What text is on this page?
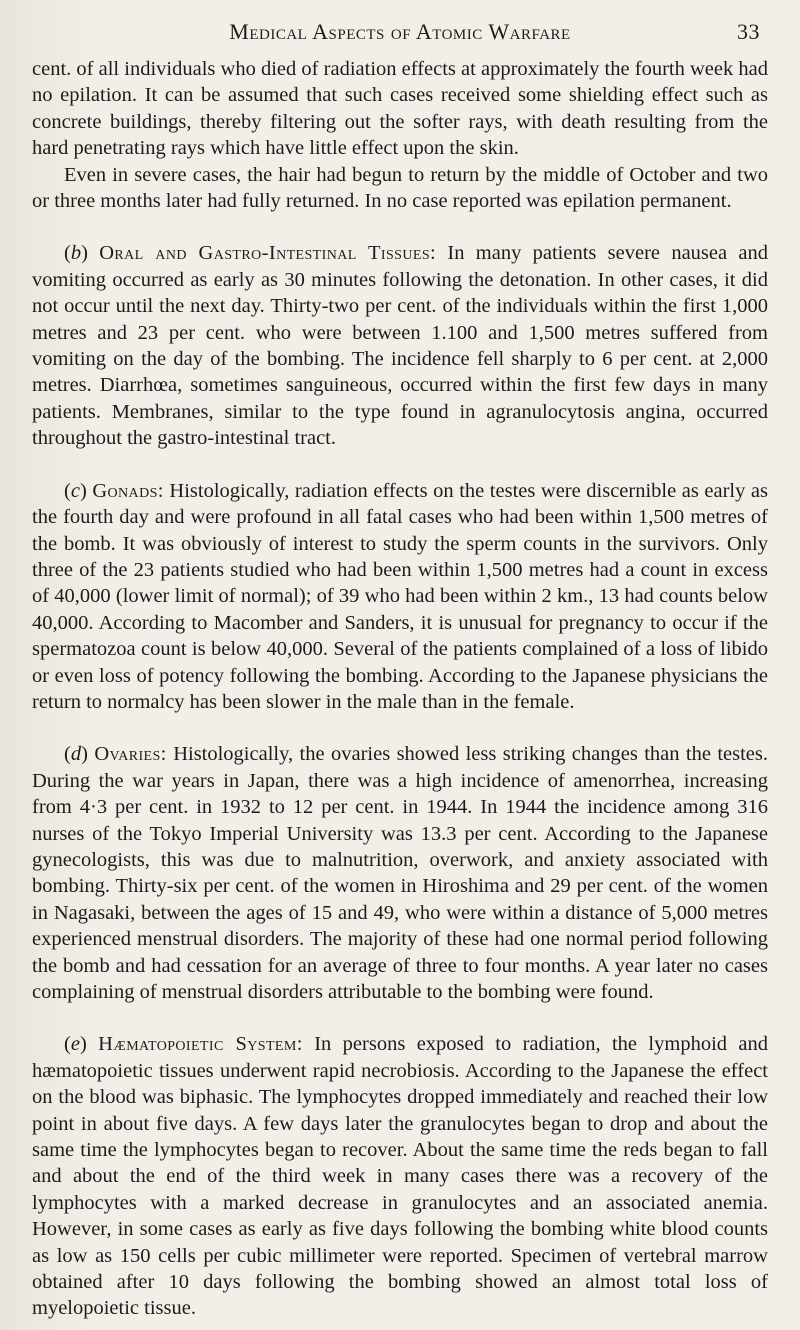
Medical Aspects of Atomic Warfare	33

cent. of all individuals who died of radiation effects at approximately the fourth week had no epilation. It can be assumed that such cases received some shielding effect such as concrete buildings, thereby filtering out the softer rays, with death resulting from the hard penetrating rays which have little effect upon the skin.

Even in severe cases, the hair had begun to return by the middle of October and two or three months later had fully returned. In no case reported was epilation permanent.

(b) Oral and Gastro-Intestinal Tissues: In many patients severe nausea and vomiting occurred as early as 30 minutes following the detonation. In other cases, it did not occur until the next day. Thirty-two per cent. of the individuals within the first 1,000 metres and 23 per cent. who were between 1.100 and 1,500 metres suffered from vomiting on the day of the bombing. The incidence fell sharply to 6 per cent. at 2,000 metres. Diarrhœa, sometimes sanguineous, occurred within the first few days in many patients. Membranes, similar to the type found in agranulocytosis angina, occurred throughout the gastro-intestinal tract.

(c) Gonads: Histologically, radiation effects on the testes were discernible as early as the fourth day and were profound in all fatal cases who had been within 1,500 metres of the bomb. It was obviously of interest to study the sperm counts in the survivors. Only three of the 23 patients studied who had been within 1,500 metres had a count in excess of 40,000 (lower limit of normal); of 39 who had been within 2 km., 13 had counts below 40,000. According to Macomber and Sanders, it is unusual for pregnancy to occur if the spermatozoa count is below 40,000. Several of the patients complained of a loss of libido or even loss of potency following the bombing. According to the Japanese physicians the return to normalcy has been slower in the male than in the female.

(d) Ovaries: Histologically, the ovaries showed less striking changes than the testes. During the war years in Japan, there was a high incidence of amenorrhea, increasing from 4·3 per cent. in 1932 to 12 per cent. in 1944. In 1944 the incidence among 316 nurses of the Tokyo Imperial University was 13.3 per cent. According to the Japanese gynecologists, this was due to malnutrition, overwork, and anxiety associated with bombing. Thirty-six per cent. of the women in Hiroshima and 29 per cent. of the women in Nagasaki, between the ages of 15 and 49, who were within a distance of 5,000 metres experienced menstrual disorders. The majority of these had one normal period following the bomb and had cessation for an average of three to four months. A year later no cases complaining of menstrual disorders attributable to the bombing were found.

(e) Hæmatopoietic System: In persons exposed to radiation, the lymphoid and hæmatopoietic tissues underwent rapid necrobiosis. According to the Japanese the effect on the blood was biphasic. The lymphocytes dropped immediately and reached their low point in about five days. A few days later the granulocytes began to drop and about the same time the lymphocytes began to recover. About the same time the reds began to fall and about the end of the third week in many cases there was a recovery of the lymphocytes with a marked decrease in granulocytes and an associated anemia. However, in some cases as early as five days following the bombing white blood counts as low as 150 cells per cubic millimeter were reported. Specimen of vertebral marrow obtained after 10 days following the bombing showed an almost total loss of myelopoietic tissue.
